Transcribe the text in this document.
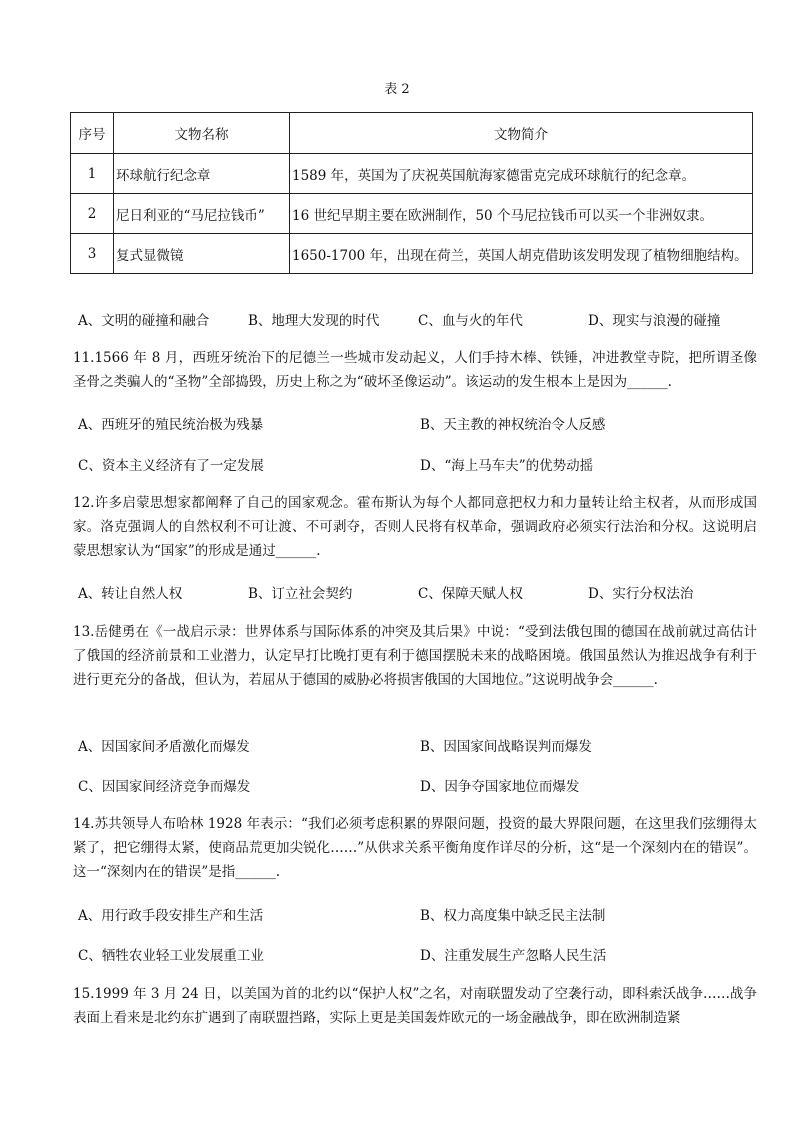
表 2
序号	文物名称	文物简介
1	环球航行纪念章	1589 年，英国为了庆祝英国航海家德雷克完成环球航行的纪念章。
2	尼日利亚的“马尼拉钱币”	16 世纪早期主要在欧洲制作，50 个马尼拉钱币可以买一个非洲奴隶。
3	复式显微镜	1650-1700 年，出现在荷兰，英国人胡克借助该发明发现了植物细胞结构。
A、文明的碰撞和融合	B、地理大发现的时代	C、血与火的年代	D、现实与浪漫的碰撞
11.1566 年 8 月，西班牙统治下的尼德兰一些城市发动起义，人们手持木棒、铁锤，冲进教堂寺院，把所谓圣像圣骨之类骗人的“圣物”全部捣毁，历史上称之为“破坏圣像运动”。该运动的发生根本上是因为______.
A、西班牙的殖民统治极为残暴	B、天主教的神权统治令人反感
C、资本主义经济有了一定发展	D、“海上马车夫”的优势动摇
12.许多启蒙思想家都阐释了自己的国家观念。霍布斯认为每个人都同意把权力和力量转让给主权者，从而形成国家。洛克强调人的自然权利不可让渡、不可剥夺，否则人民将有权革命，强调政府必须实行法治和分权。这说明启蒙思想家认为“国家”的形成是通过______.
A、转让自然人权	B、订立社会契约	C、保障天赋人权	D、实行分权法治
13.岳健勇在《一战启示录：世界体系与国际体系的冲突及其后果》中说：“受到法俄包围的德国在战前就过高估计了俄国的经济前景和工业潜力，认定早打比晚打更有利于德国摆脱未来的战略困境。俄国虽然认为推迟战争有利于进行更充分的备战，但认为，若屈从于德国的威胁必将损害俄国的大国地位。”这说明战争会______.
A、因国家间矛盾激化而爆发	B、因国家间战略误判而爆发
C、因国家间经济竞争而爆发	D、因争夺国家地位而爆发
14.苏共领导人布哈林 1928 年表示：“我们必须考虑积累的界限问题，投资的最大界限问题，在这里我们弦绷得太紧了，把它绷得太紧，使商品荒更加尖锐化……”从供求关系平衡角度作详尽的分析，这“是一个深刻内在的错误”。这一“深刻内在的错误”是指______.
A、用行政手段安排生产和生活	B、权力高度集中缺乏民主法制
C、牺牲农业轻工业发展重工业	D、注重发展生产忽略人民生活
15.1999 年 3 月 24 日，以美国为首的北约以“保护人权”之名，对南联盟发动了空袭行动，即科索沃战争……战争表面上看来是北约东扩遇到了南联盟挡路，实际上更是美国轰炸欧元的一场金融战争，即在欧洲制造紧
